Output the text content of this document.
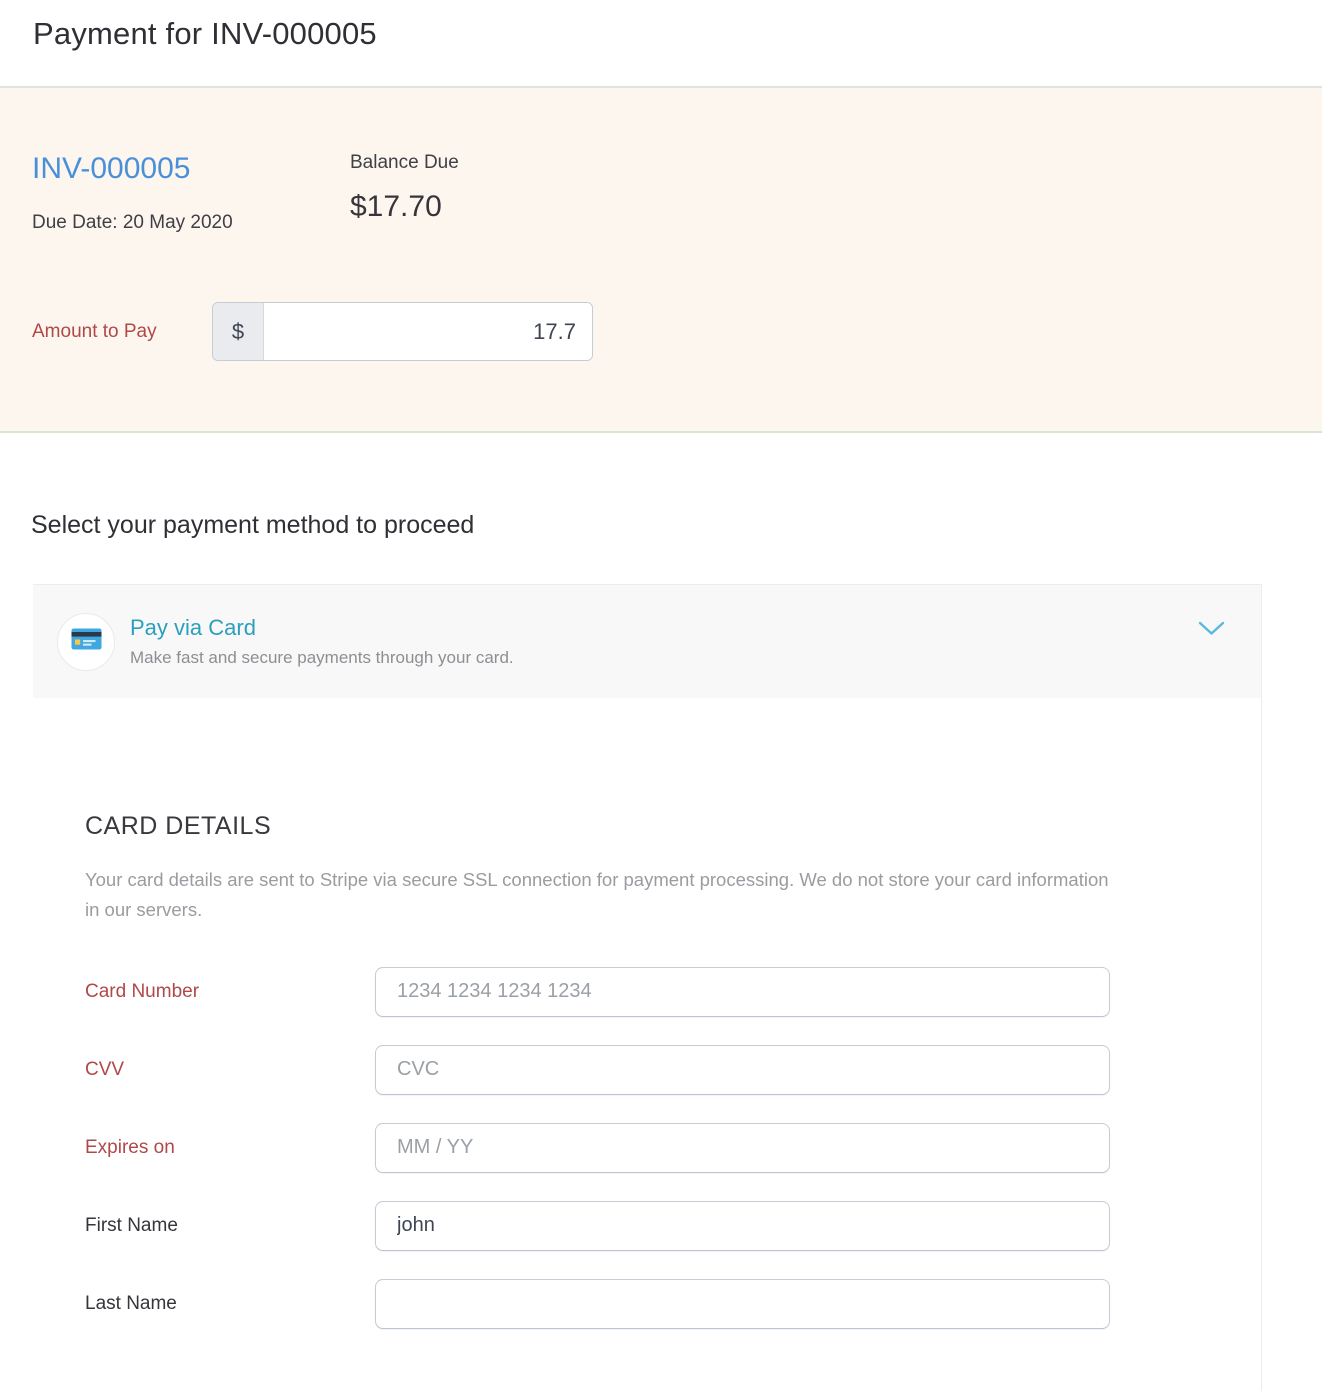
Payment for INV-000005
INV-000005
Due Date: 20 May 2020
Balance Due
$17.70
Amount to Pay	$
17.7
Select your payment method to proceed
Pay via Card
Make fast and secure payments through your card.
CARD DETAILS
Your card details are sent to Stripe via secure SSL connection for payment processing. We do not store your card information in our servers.
Card Number
1234 1234 1234 1234
CVV
CVC
Expires on
MM / YY
First Name
john
Last Name
